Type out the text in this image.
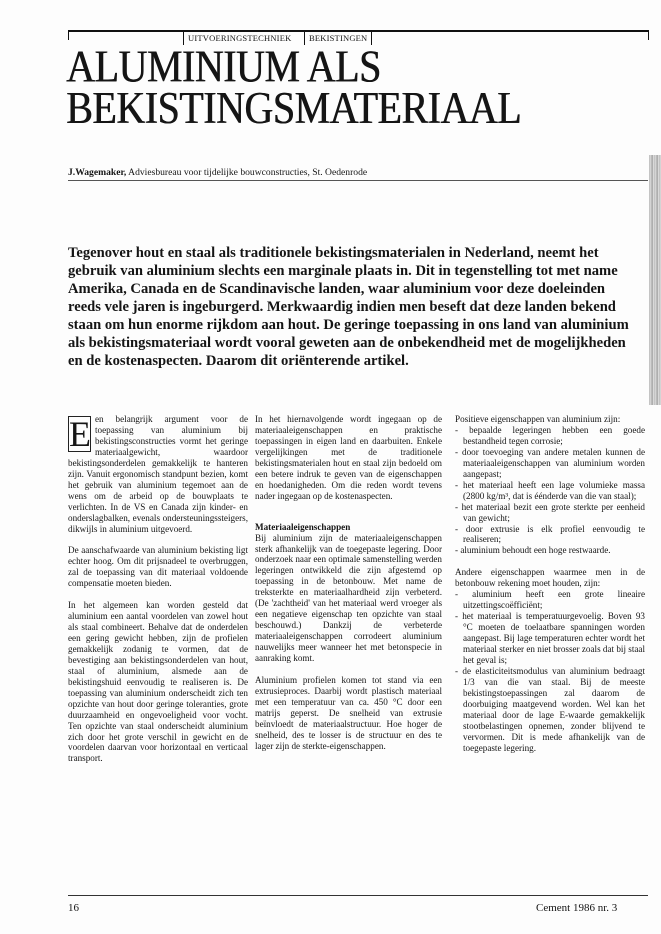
UITVOERINGSTECHNIEK	BEKISTINGEN
ALUMINIUM ALS
BEKISTINGSMATERIAAL
J.Wagemaker, Adviesbureau voor tijdelijke bouwconstructies, St. Oedenrode
Tegenover hout en staal als traditionele bekistingsmaterialen in Nederland, neemt het gebruik van aluminium slechts een marginale plaats in. Dit in tegenstelling tot met name Amerika, Canada en de Scandinavische landen, waar aluminium voor deze doeleinden reeds vele jaren is ingeburgerd. Merkwaardig indien men beseft dat deze landen bekend staan om hun enorme rijkdom aan hout. De geringe toepassing in ons land van aluminium als bekistingsmateriaal wordt vooral geweten aan de onbekendheid met de mogelijkheden en de kostenaspecten. Daarom dit oriënterende artikel.

E en belangrijk argument voor de toepassing van aluminium bij bekistingsconstructies vormt het geringe materiaalgewicht, waardoor bekistingsonderdelen gemakkelijk te hanteren zijn. Vanuit ergonomisch standpunt bezien, komt het gebruik van aluminium tegemoet aan de wens om de arbeid op de bouwplaats te verlichten. In de VS en Canada zijn kinder- en onderslagbalken, evenals ondersteuningssteigers, dikwijls in aluminium uitgevoerd.

De aanschafwaarde van aluminium bekisting ligt echter hoog. Om dit prijsnadeel te overbruggen, zal de toepassing van dit materiaal voldoende compensatie moeten bieden.

In het algemeen kan worden gesteld dat aluminium een aantal voordelen van zowel hout als staal combineert. Behalve dat de onderdelen een gering gewicht hebben, zijn de profielen gemakkelijk zodanig te vormen, dat de bevestiging aan bekistingsonderdelen van hout, staal of aluminium, alsmede aan de bekistingshuid eenvoudig te realiseren is. De toepassing van aluminium onderscheidt zich ten opzichte van hout door geringe toleranties, grote duurzaamheid en ongevoeligheid voor vocht. Ten opzichte van staal onderscheidt aluminium zich door het grote verschil in gewicht en de voordelen daarvan voor horizontaal en verticaal transport.

In het hiernavolgende wordt ingegaan op de materiaaleigenschappen en praktische toepassingen in eigen land en daarbuiten. Enkele vergelijkingen met de traditionele bekistingsmaterialen hout en staal zijn bedoeld om een betere indruk te geven van de eigenschappen en hoedanigheden. Om die reden wordt tevens nader ingegaan op de kostenaspecten.

Materiaaleigenschappen

Bij aluminium zijn de materiaaleigenschappen sterk afhankelijk van de toegepaste legering. Door onderzoek naar een optimale samenstelling werden legeringen ontwikkeld die zijn afgestemd op toepassing in de betonbouw. Met name de treksterkte en materiaalhardheid zijn verbeterd. (De 'zachtheid' van het materiaal werd vroeger als een negatieve eigenschap ten opzichte van staal beschouwd.) Dankzij de verbeterde materiaaleigenschappen corrodeert aluminium nauwelijks meer wanneer het met betonspecie in aanraking komt.

Aluminium profielen komen tot stand via een extrusieproces. Daarbij wordt plastisch materiaal met een temperatuur van ca. 450 °C door een matrijs geperst. De snelheid van extrusie beïnvloedt de materiaalstructuur. Hoe hoger de snelheid, des te losser is de structuur en des te lager zijn de sterkte-eigenschappen.

Positieve eigenschappen van aluminium zijn:
- bepaalde legeringen hebben een goede bestandheid tegen corrosie;
- door toevoeging van andere metalen kunnen de materiaaleigenschappen van aluminium worden aangepast;
- het materiaal heeft een lage volumieke massa (2800 kg/m³, dat is éénderde van die van staal);
- het materiaal bezit een grote sterkte per eenheid van gewicht;
- door extrusie is elk profiel eenvoudig te realiseren;
- aluminium behoudt een hoge restwaarde.
Andere eigenschappen waarmee men in de betonbouw rekening moet houden, zijn:
- aluminium heeft een grote lineaire uitzettingscoëfficiënt;
- het materiaal is temperatuurgevoelig. Boven 93 °C moeten de toelaatbare spanningen worden aangepast. Bij lage temperaturen echter wordt het materiaal sterker en niet brosser zoals dat bij staal het geval is;
- de elasticiteitsmodulus van aluminium bedraagt 1/3 van die van staal. Bij de meeste bekistingstoepassingen zal daarom de doorbuiging maatgevend worden. Wel kan het materiaal door de lage E-waarde gemakkelijk stootbelastingen opnemen, zonder blijvend te vervormen. Dit is mede afhankelijk van de toegepaste legering.
16	Cement 1986 nr. 3
